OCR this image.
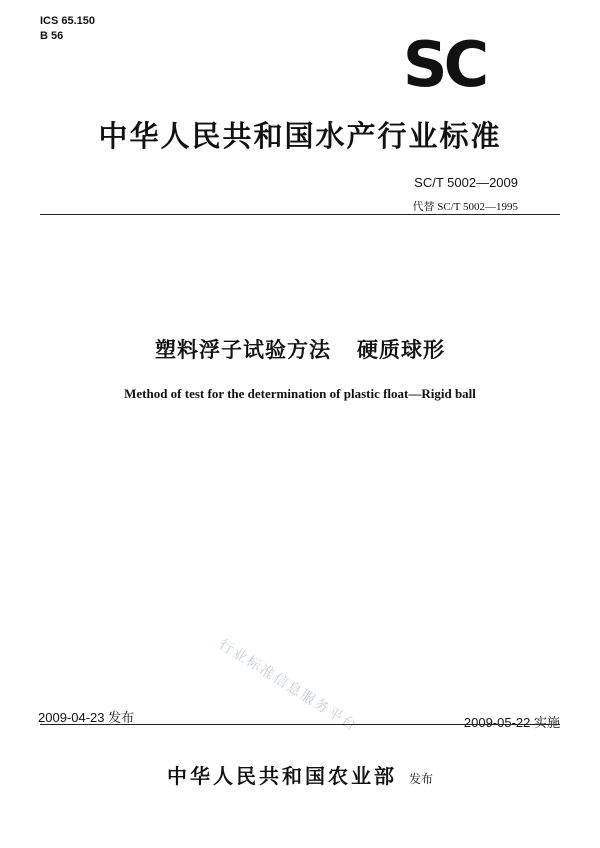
ICS 65.150
B 56	SC
中华人民共和国水产行业标准
SC/T 5002—2009
代替 SC/T 5002—1995
塑料浮子试验方法 硬质球形
Method of test for the determination of plastic float—Rigid ball
行业标准信息服务平台
2009-04-23 发布	2009-05-22 实施
中华人民共和国农业部 发布
